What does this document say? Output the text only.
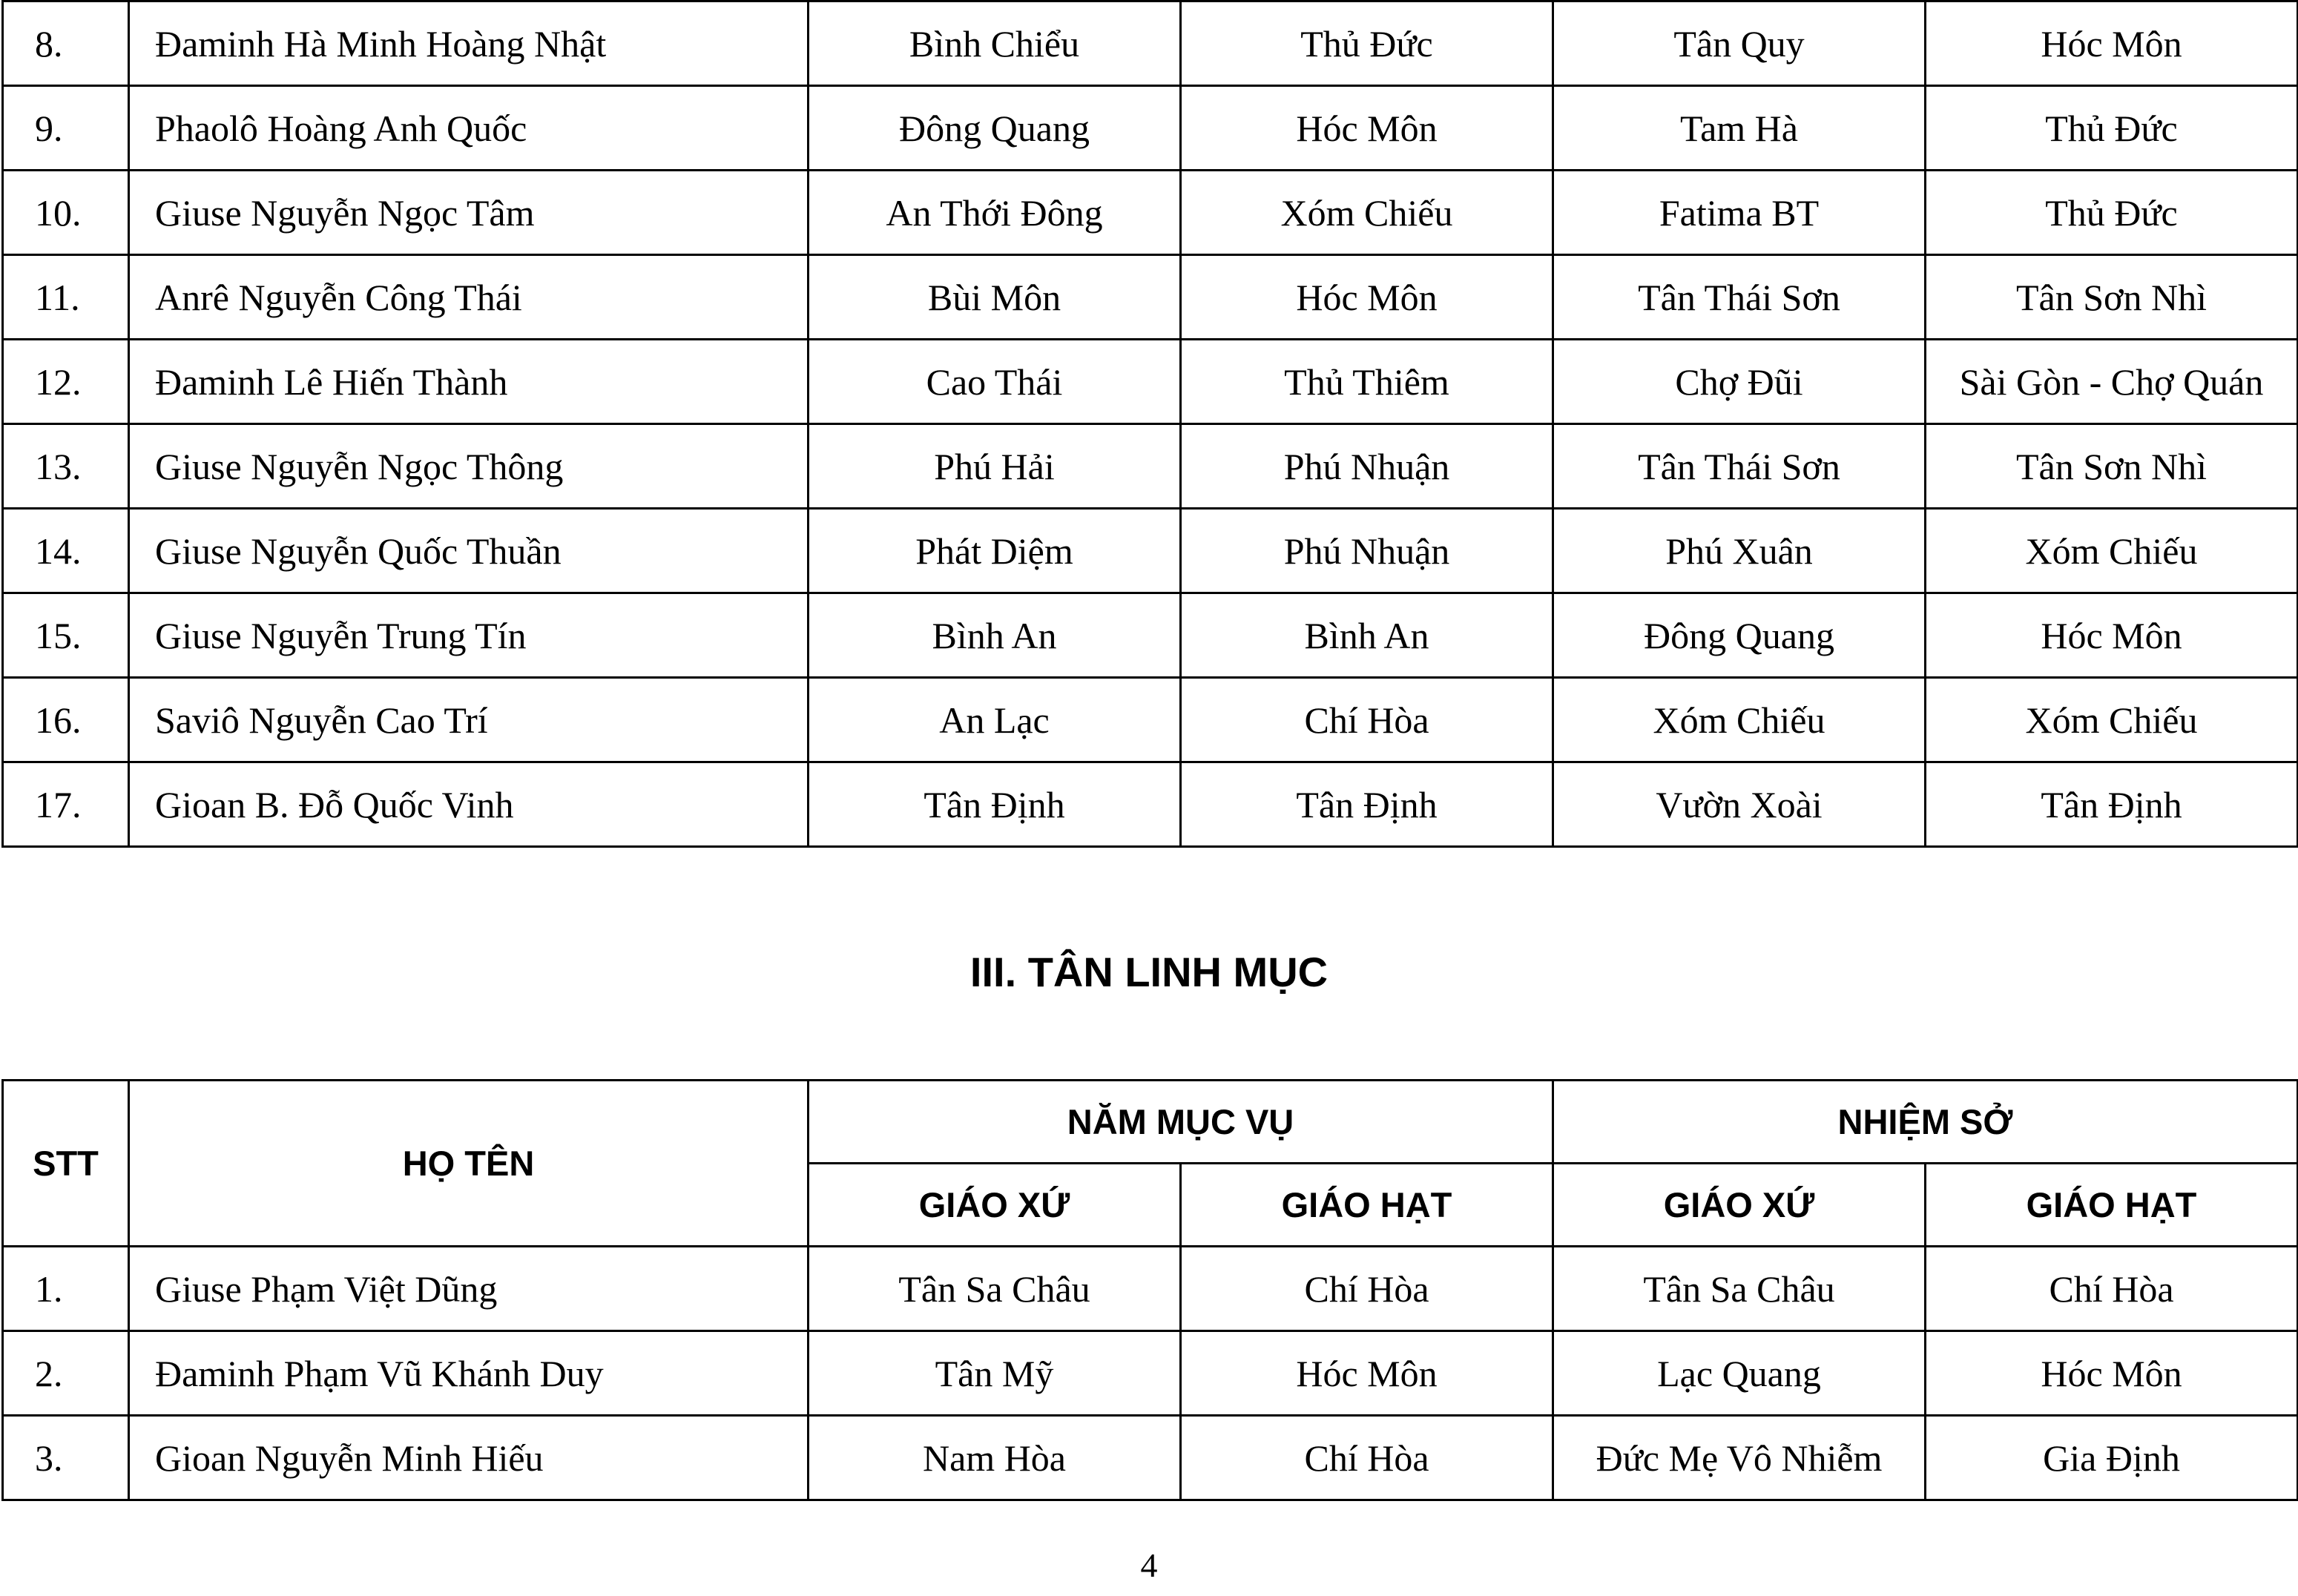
8.	Đaminh Hà Minh Hoàng Nhật	Bình Chiểu	Thủ Đức	Tân Quy	Hóc Môn
9.	Phaolô Hoàng Anh Quốc	Đông Quang	Hóc Môn	Tam Hà	Thủ Đức
10.	Giuse Nguyễn Ngọc Tâm	An Thới Đông	Xóm Chiếu	Fatima BT	Thủ Đức
11.	Anrê Nguyễn Công Thái	Bùi Môn	Hóc Môn	Tân Thái Sơn	Tân Sơn Nhì
12.	Đaminh Lê Hiến Thành	Cao Thái	Thủ Thiêm	Chợ Đũi	Sài Gòn - Chợ Quán
13.	Giuse Nguyễn Ngọc Thông	Phú Hải	Phú Nhuận	Tân Thái Sơn	Tân Sơn Nhì
14.	Giuse Nguyễn Quốc Thuần	Phát Diệm	Phú Nhuận	Phú Xuân	Xóm Chiếu
15.	Giuse Nguyễn Trung Tín	Bình An	Bình An	Đông Quang	Hóc Môn
16.	Saviô Nguyễn Cao Trí	An Lạc	Chí Hòa	Xóm Chiếu	Xóm Chiếu
17.	Gioan B. Đỗ Quốc Vinh	Tân Định	Tân Định	Vườn Xoài	Tân Định
III. TÂN LINH MỤC
STT	HỌ TÊN	NĂM MỤC VỤ		NHIỆM SỞ	
		GIÁO XỨ	GIÁO HẠT	GIÁO XỨ	GIÁO HẠT
1.	Giuse Phạm Việt Dũng	Tân Sa Châu	Chí Hòa	Tân Sa Châu	Chí Hòa
2.	Đaminh Phạm Vũ Khánh Duy	Tân Mỹ	Hóc Môn	Lạc Quang	Hóc Môn
3.	Gioan Nguyễn Minh Hiếu	Nam Hòa	Chí Hòa	Đức Mẹ Vô Nhiễm	Gia Định
4
